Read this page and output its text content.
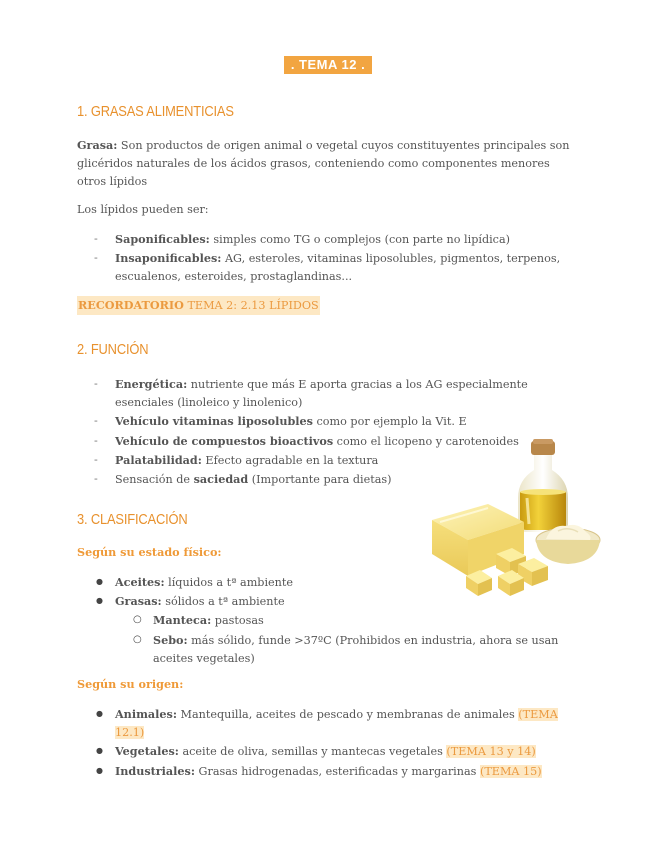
. TEMA 12 .
1. GRASAS ALIMENTICIAS

Grasa: Son productos de origen animal o vegetal cuyos constituyentes principales son glicéridos naturales de los ácidos grasos, conteniendo como componentes menores otros lípidos

Los lípidos pueden ser:

- Saponificables: simples como TG o complejos (con parte no lipídica)
- Insaponificables: AG, esteroles, vitaminas liposolubles, pigmentos, terpenos, escualenos, esteroides, prostaglandinas...
RECORDATORIO TEMA 2: 2.13 LÍPIDOS
2. FUNCIÓN
- Energética: nutriente que más E aporta gracias a los AG especialmente esenciales (linoleico y linolenico)
- Vehículo vitaminas liposolubles como por ejemplo la Vit. E
- Vehículo de compuestos bioactivos como el licopeno y carotenoides
- Palatabilidad: Efecto agradable en la textura
- Sensación de saciedad (Importante para dietas)
3. CLASIFICACIÓN
Según su estado físico:
● Aceites: líquidos a tª ambiente
● Grasas: sólidos a tª ambiente
○ Manteca: pastosas
○ Sebo: más sólido, funde >37ºC (Prohibidos en industria, ahora se usan aceites vegetales)
Según su origen:
● Animales: Mantequilla, aceites de pescado y membranas de animales (TEMA 12.1)
● Vegetales: aceite de oliva, semillas y mantecas vegetales (TEMA 13 y 14)
● Industriales: Grasas hidrogenadas, esterificadas y margarinas (TEMA 15)
